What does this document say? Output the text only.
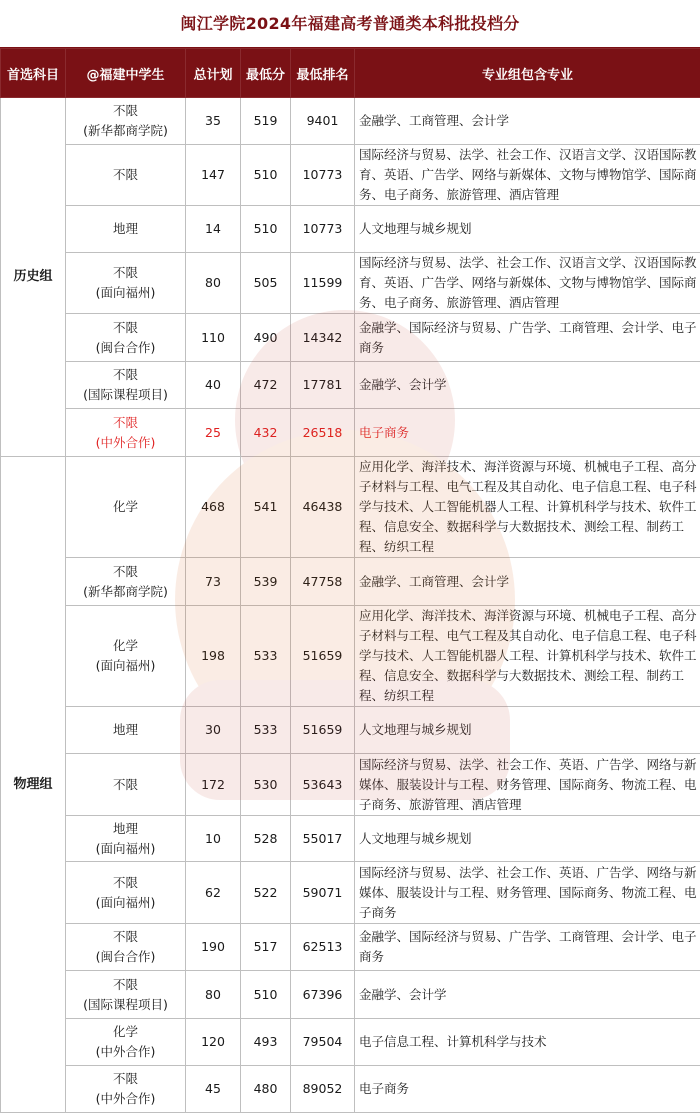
闽江学院2024年福建高考普通类本科批投档分
首选科目	@福建中学生	总计划	最低分	最低排名	专业组包含专业
历史组	不限
(新华都商学院)	35	519	9401	金融学、工商管理、会计学

	不限	147	510	10773	国际经济与贸易、法学、社会工作、汉语言文学、汉语国际教育、英语、广告学、网络与新媒体、文物与博物馆学、国际商务、电子商务、旅游管理、酒店管理

	地理	14	510	10773	人文地理与城乡规划

	不限
(面向福州)	80	505	11599	国际经济与贸易、法学、社会工作、汉语言文学、汉语国际教育、英语、广告学、网络与新媒体、文物与博物馆学、国际商务、电子商务、旅游管理、酒店管理

	不限
(闽台合作)	110	490	14342	金融学、国际经济与贸易、广告学、工商管理、会计学、电子商务

	不限
(国际课程项目)	40	472	17781	金融学、会计学

	不限
(中外合作)	25	432	26518	电子商务
物理组	化学	468	541	46438	应用化学、海洋技术、海洋资源与环境、机械电子工程、高分子材料与工程、电气工程及其自动化、电子信息工程、电子科学与技术、人工智能机器人工程、计算机科学与技术、软件工程、信息安全、数据科学与大数据技术、测绘工程、制药工程、纺织工程

	不限
(新华都商学院)	73	539	47758	金融学、工商管理、会计学

	化学
(面向福州)	198	533	51659	应用化学、海洋技术、海洋资源与环境、机械电子工程、高分子材料与工程、电气工程及其自动化、电子信息工程、电子科学与技术、人工智能机器人工程、计算机科学与技术、软件工程、信息安全、数据科学与大数据技术、测绘工程、制药工程、纺织工程

	地理	30	533	51659	人文地理与城乡规划

	不限	172	530	53643	国际经济与贸易、法学、社会工作、英语、广告学、网络与新媒体、服装设计与工程、财务管理、国际商务、物流工程、电子商务、旅游管理、酒店管理

	地理
(面向福州)	10	528	55017	人文地理与城乡规划

	不限
(面向福州)	62	522	59071	国际经济与贸易、法学、社会工作、英语、广告学、网络与新媒体、服装设计与工程、财务管理、国际商务、物流工程、电子商务

	不限
(闽台合作)	190	517	62513	金融学、国际经济与贸易、广告学、工商管理、会计学、电子商务

	不限
(国际课程项目)	80	510	67396	金融学、会计学

	化学
(中外合作)	120	493	79504	电子信息工程、计算机科学与技术

	不限
(中外合作)	45	480	89052	电子商务
